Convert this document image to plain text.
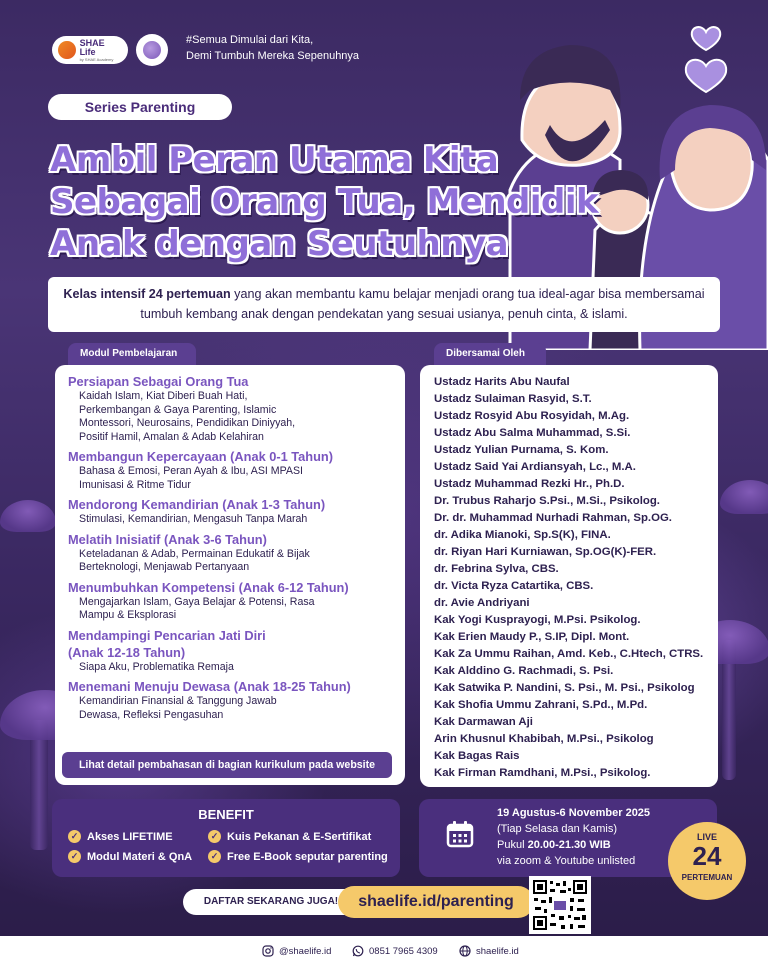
SHAE Life
by SHAE Academy
#Semua Dimulai dari Kita,
Demi Tumbuh Mereka Sepenuhnya
Series Parenting
Ambil Peran Utama Kita
Sebagai Orang Tua, Mendidik
Anak dengan Seutuhnya
Kelas intensif 24 pertemuan yang akan membantu kamu belajar menjadi orang tua ideal-agar bisa membersamai tumbuh kembang anak dengan pendekatan yang sesuai usianya, penuh cinta, & islami.
Modul Pembelajaran
Persiapan Sebagai Orang Tua
Kaidah Islam, Kiat Diberi Buah Hati,
Perkembangan & Gaya Parenting, Islamic
Montessori, Neurosains, Pendidikan Diniyyah,
Positif Hamil, Amalan & Adab Kelahiran
Membangun Kepercayaan (Anak 0-1 Tahun)
Bahasa & Emosi, Peran Ayah & Ibu, ASI MPASI
Imunisasi & Ritme Tidur
Mendorong Kemandirian (Anak 1-3 Tahun)
Stimulasi, Kemandirian, Mengasuh Tanpa Marah
Melatih Inisiatif (Anak 3-6 Tahun)
Keteladanan & Adab, Permainan Edukatif & Bijak
Berteknologi, Menjawab Pertanyaan
Menumbuhkan Kompetensi (Anak 6-12 Tahun)
Mengajarkan Islam, Gaya Belajar & Potensi, Rasa
Mampu & Eksplorasi
Mendampingi Pencarian Jati Diri
(Anak 12-18 Tahun)
Siapa Aku, Problematika Remaja
Menemani Menuju Dewasa (Anak 18-25 Tahun)
Kemandirian Finansial & Tanggung Jawab
Dewasa, Refleksi Pengasuhan
Lihat detail pembahasan di bagian kurikulum pada website
Dibersamai Oleh
Ustadz Harits Abu Naufal
Ustadz Sulaiman Rasyid, S.T.
Ustadz Rosyid Abu Rosyidah, M.Ag.
Ustadz Abu Salma Muhammad, S.Si.
Ustadz Yulian Purnama, S. Kom.
Ustadz Said Yai Ardiansyah, Lc., M.A.
Ustadz Muhammad Rezki Hr., Ph.D.
Dr. Trubus Raharjo S.Psi., M.Si., Psikolog.
Dr. dr. Muhammad Nurhadi Rahman, Sp.OG.
dr. Adika Mianoki, Sp.S(K), FINA.
dr. Riyan Hari Kurniawan, Sp.OG(K)-FER.
dr. Febrina Sylva, CBS.
dr. Victa Ryza Catartika, CBS.
dr. Avie Andriyani
Kak Yogi Kusprayogi, M.Psi. Psikolog.
Kak Erien Maudy P., S.IP, Dipl. Mont.
Kak Za Ummu Raihan, Amd. Keb., C.Htech, CTRS.
Kak Alddino G. Rachmadi, S. Psi.
Kak Satwika P. Nandini, S. Psi., M. Psi., Psikolog
Kak Shofia Ummu Zahrani, S.Pd., M.Pd.
Kak Darmawan Aji
Arin Khusnul Khabibah, M.Psi., Psikolog
Kak Bagas Rais
Kak Firman Ramdhani, M.Psi., Psikolog.
BENEFIT
✓ Akses LIFETIME	✓ Kuis Pekanan & E-Sertifikat
✓ Modul Materi & QnA	✓ Free E-Book seputar parenting
19 Agustus-6 November 2025
(Tiap Selasa dan Kamis)
Pukul 20.00-21.30 WIB
via zoom & Youtube unlisted
LIVE
24
PERTEMUAN
DAFTAR SEKARANG JUGA!	shaelife.id/parenting
@shaelife.id	0851 7965 4309	shaelife.id
